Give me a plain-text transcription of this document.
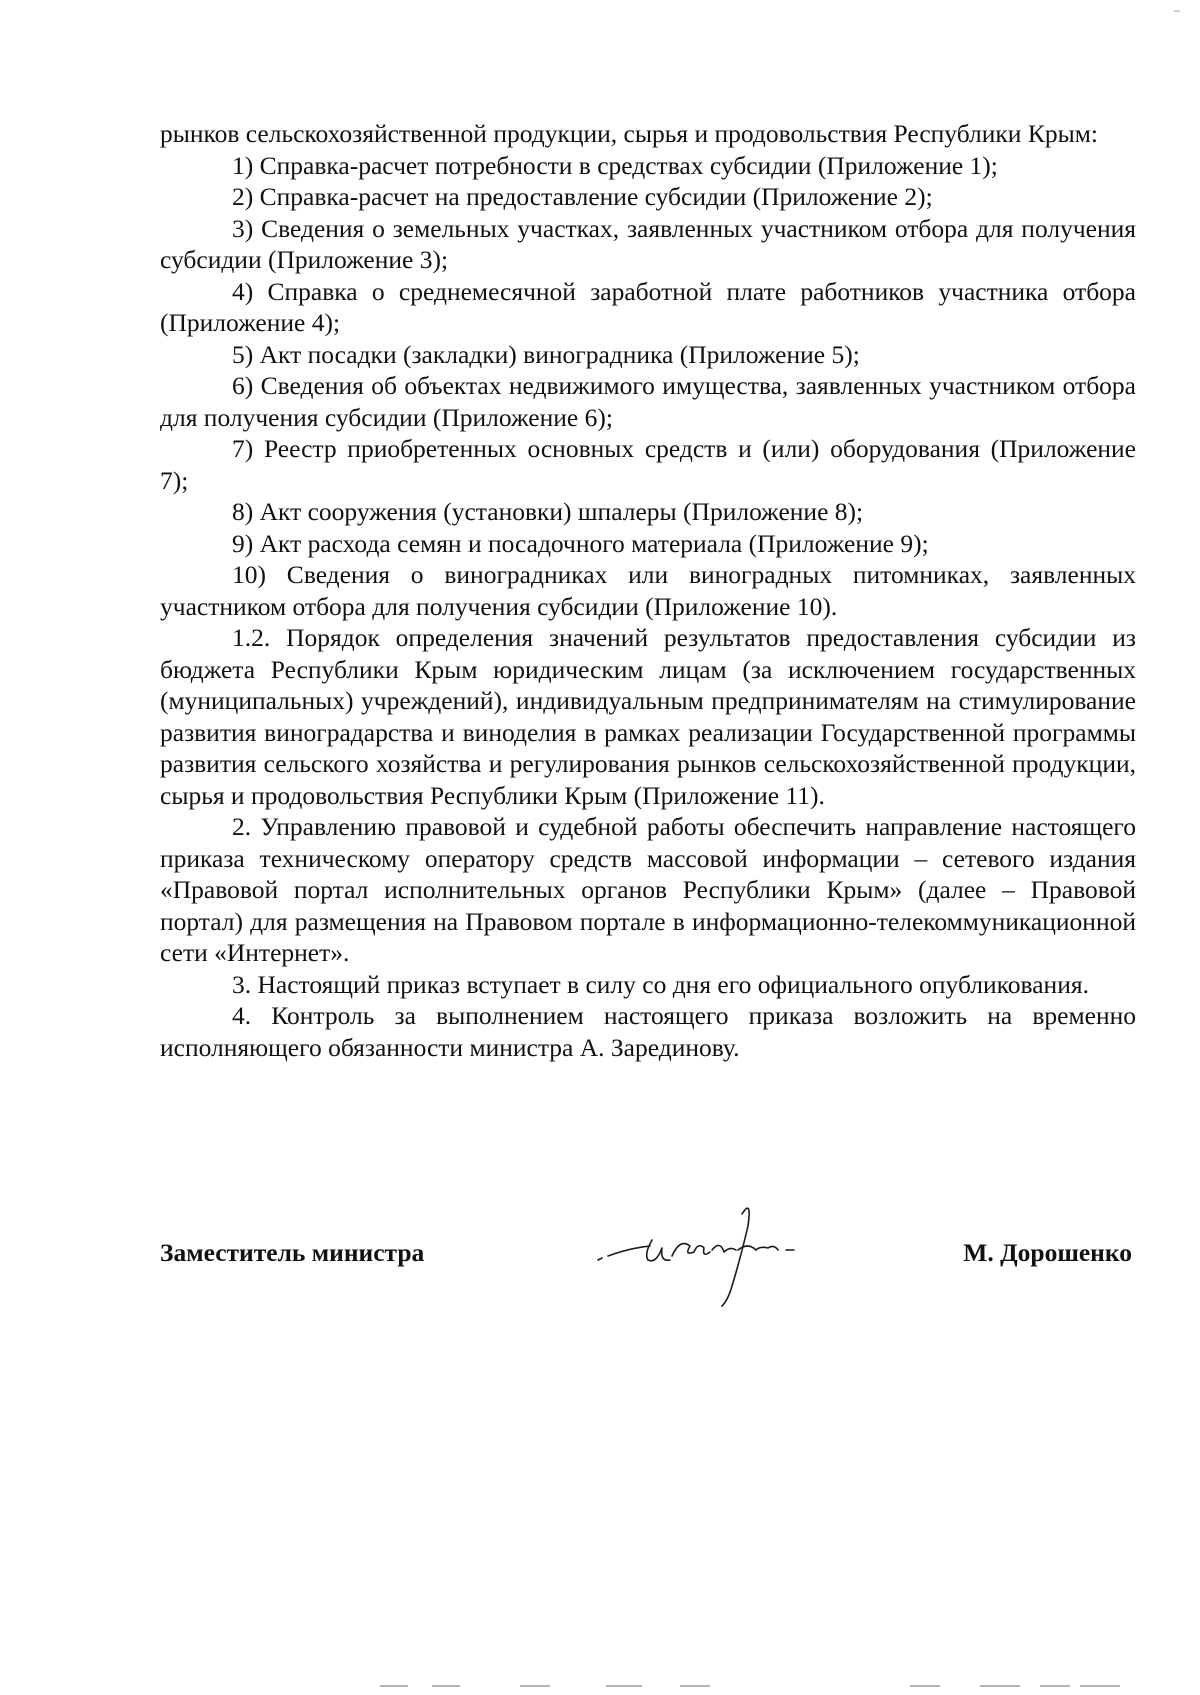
рынков сельскохозяйственной продукции, сырья и продовольствия Республики Крым:

1) Справка-расчет потребности в средствах субсидии (Приложение 1);

2) Справка-расчет на предоставление субсидии (Приложение 2);

3) Сведения о земельных участках, заявленных участником отбора для получения субсидии (Приложение 3);

4) Справка о среднемесячной заработной плате работников участника отбора (Приложение 4);

5) Акт посадки (закладки) виноградника (Приложение 5);

6) Сведения об объектах недвижимого имущества, заявленных участником отбора для получения субсидии (Приложение 6);

7) Реестр приобретенных основных средств и (или) оборудования (Приложение 7);

8) Акт сооружения (установки) шпалеры (Приложение 8);

9) Акт расхода семян и посадочного материала (Приложение 9);

10) Сведения о виноградниках или виноградных питомниках, заявленных участником отбора для получения субсидии (Приложение 10).

1.2. Порядок определения значений результатов предоставления субсидии из бюджета Республики Крым юридическим лицам (за исключением государственных (муниципальных) учреждений), индивидуальным предпринимателям на стимулирование развития виноградарства и виноделия в рамках реализации Государственной программы развития сельского хозяйства и регулирования рынков сельскохозяйственной продукции, сырья и продовольствия Республики Крым (Приложение 11).

2. Управлению правовой и судебной работы обеспечить направление настоящего приказа техническому оператору средств массовой информации – сетевого издания «Правовой портал исполнительных органов Республики Крым» (далее – Правовой портал) для размещения на Правовом портале в информационно-телекоммуникационной сети «Интернет».

3. Настоящий приказ вступает в силу со дня его официального опубликования.

4. Контроль за выполнением настоящего приказа возложить на временно исполняющего обязанности министра А. Зарединову.

Заместитель министра	М. Дорошенко
